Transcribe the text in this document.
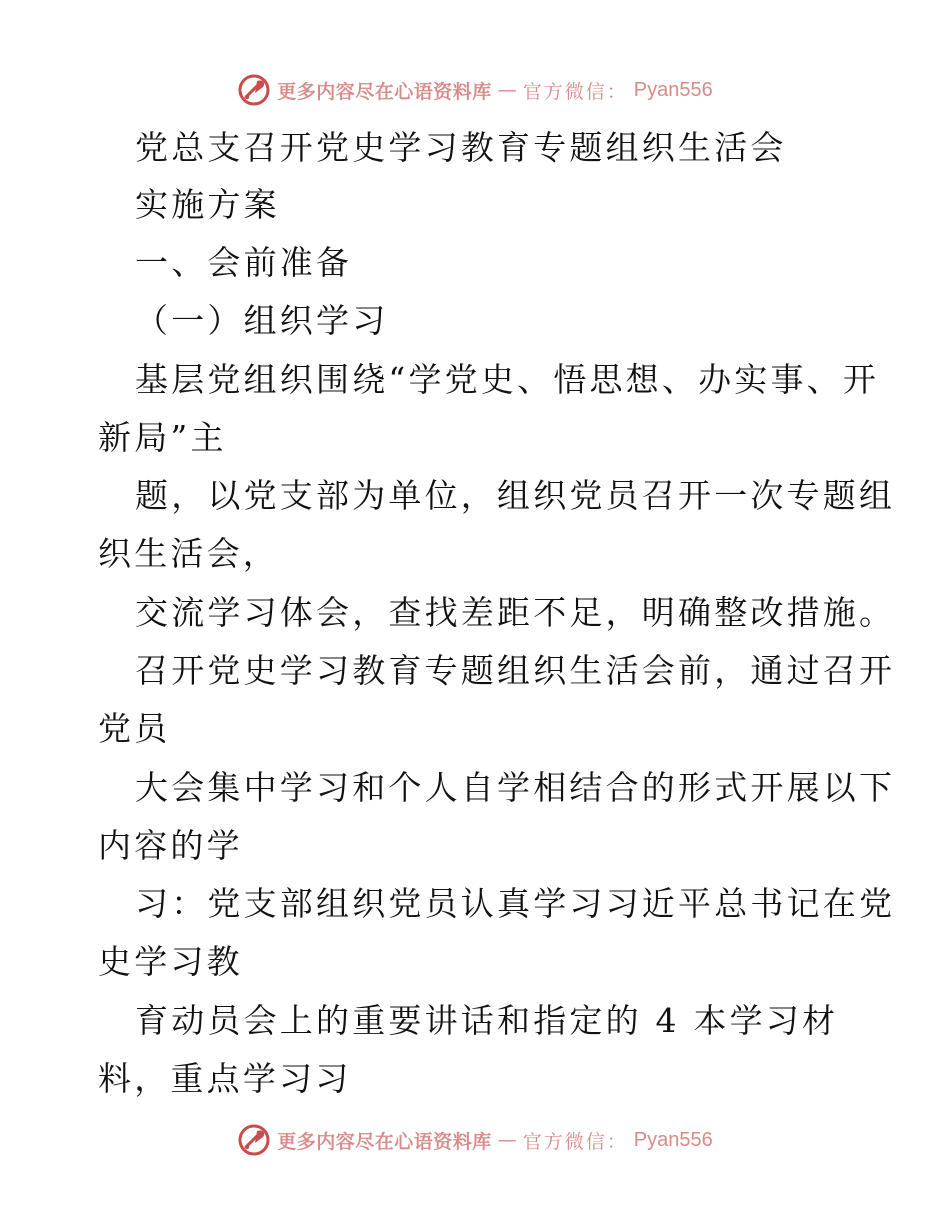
更多内容尽在心语资料库 — 官方微信： Pyan556
党总支召开党史学习教育专题组织生活会
实施方案
一、会前准备
（一）组织学习
基层党组织围绕“学党史、悟思想、办实事、开
新局”主
题，以党支部为单位，组织党员召开一次专题组
织生活会，
交流学习体会，查找差距不足，明确整改措施。
召开党史学习教育专题组织生活会前，通过召开
党员
大会集中学习和个人自学相结合的形式开展以下
内容的学
习：党支部组织党员认真学习习近平总书记在党
史学习教
育动员会上的重要讲话和指定的 4 本学习材
料，重点学习习
更多内容尽在心语资料库 — 官方微信： Pyan556
